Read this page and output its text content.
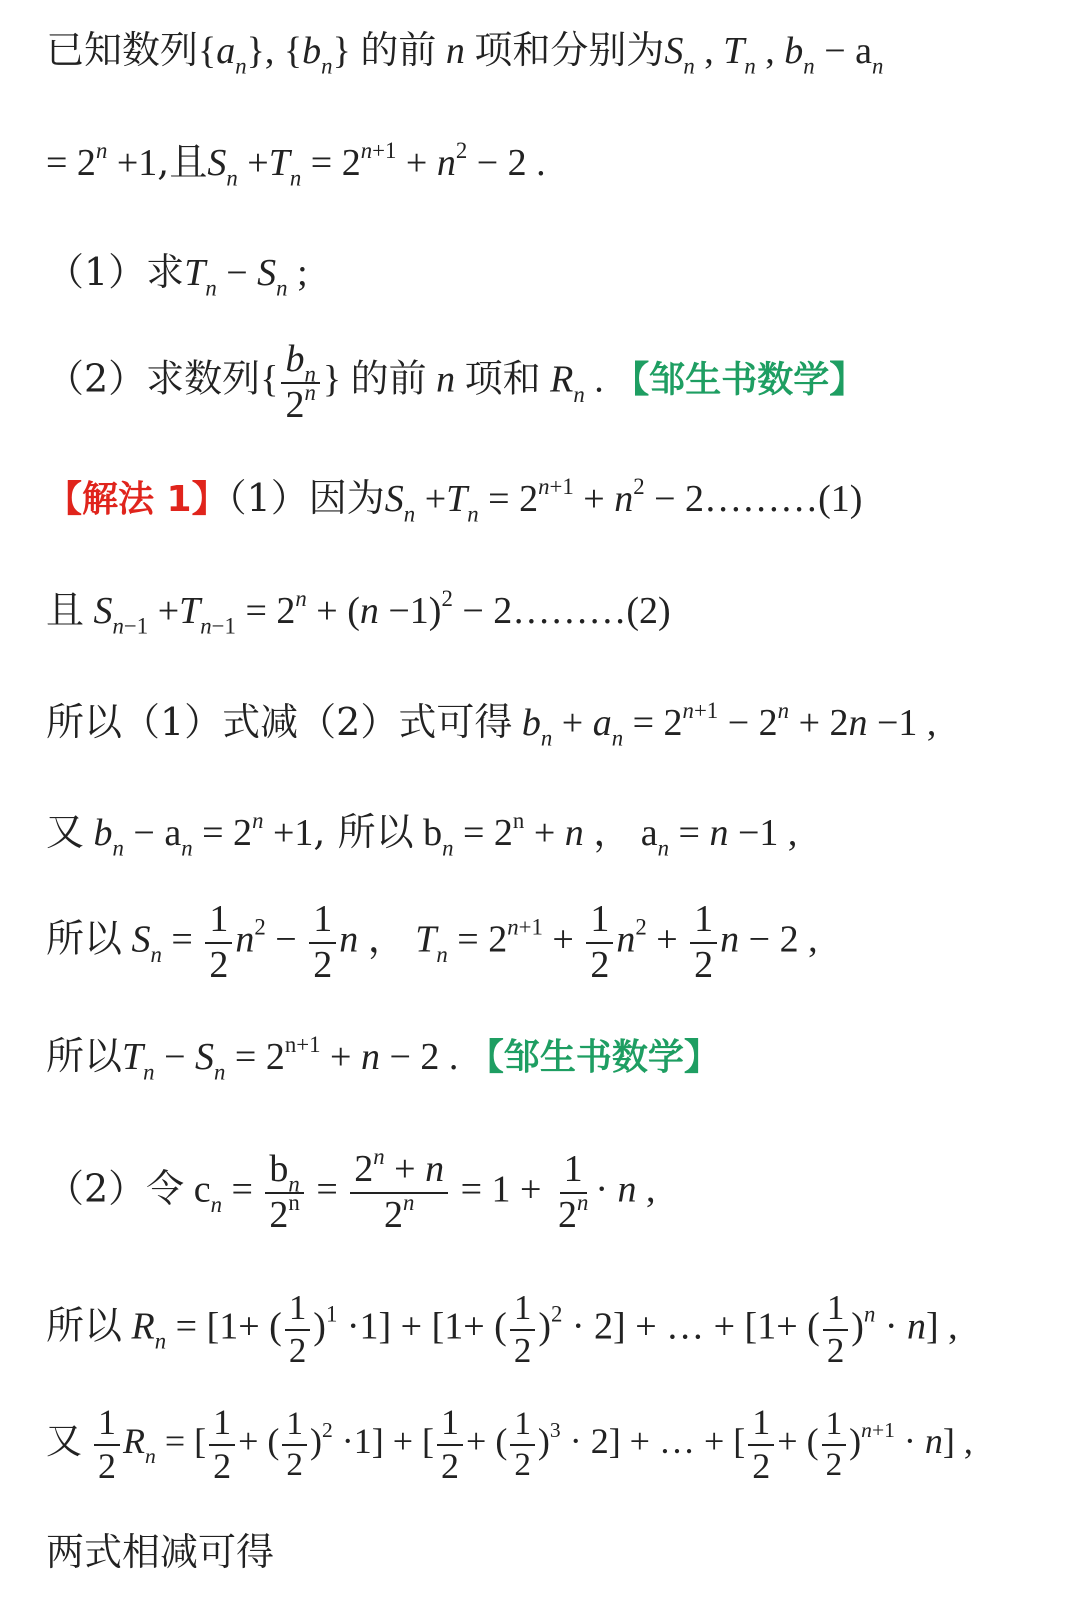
已知数列$\{a_n\}$, $\{b_n\}$ 的前 n 项和分别为$S_n$ , $T_n$ , $b_n - a_n$
= $2^n +1$,且$S_n +T_n = 2^{n+1} + n^2 - 2$ .
（1）求$T_n - S_n$ ;
（2）求数列{ $\frac{b_n}{2^n}$ } 的前 n 项和 $R_n$ . 【邹生书数学】
【解法 1】（1）因为$S_n +T_n = 2^{n+1} + n^2$ − 2………(1)
且 $S_{n-1} +T_{n-1} = 2^n + (n -1)^2$ − 2………(2)
所以（1）式减（2）式可得 $b_n + a_n = 2^{n+1} - 2^n + 2n -1$ ,
又 $b_n - a_n = 2^n +1$, 所以 $b_n = 2^n + n$ ， $a_n = n -1$ ,
所以 $S_n = \frac{1}{2} n^2 - \frac{1}{2}$ n ， $T_n = 2^{n+1} + \frac{1}{2} n^2 + \frac{1}{2}$ n − 2 ,
所以$T_n - S_n = 2^{n+1} + n - 2$ . 【邹生书数学】
（2）令 $c_n = \frac{b_n}{2^n} = \frac{2^n + n}{2^n} = 1 + \frac{1}{2^n} \cdot n$ ,
所以 $R_n = [1+$ ( $\frac{1}{2} )^1 \cdot 1] + [1+$ ( $\frac{1}{2} )^2 \cdot 2$] + … + [1+ ( $\frac{1}{2} )^n \cdot n$] ,
又 $\frac{1}{2} R_n$ = [ $\frac{1}{2}$ + ( $\frac{1}{2} )^2 \cdot 1$] + [ $\frac{1}{2}$ + ( $\frac{1}{2} )^3 \cdot 2$] + … + [ $\frac{1}{2}$ + ( $\frac{1}{2} )^{n+1} \cdot n$] ,
两式相减可得
